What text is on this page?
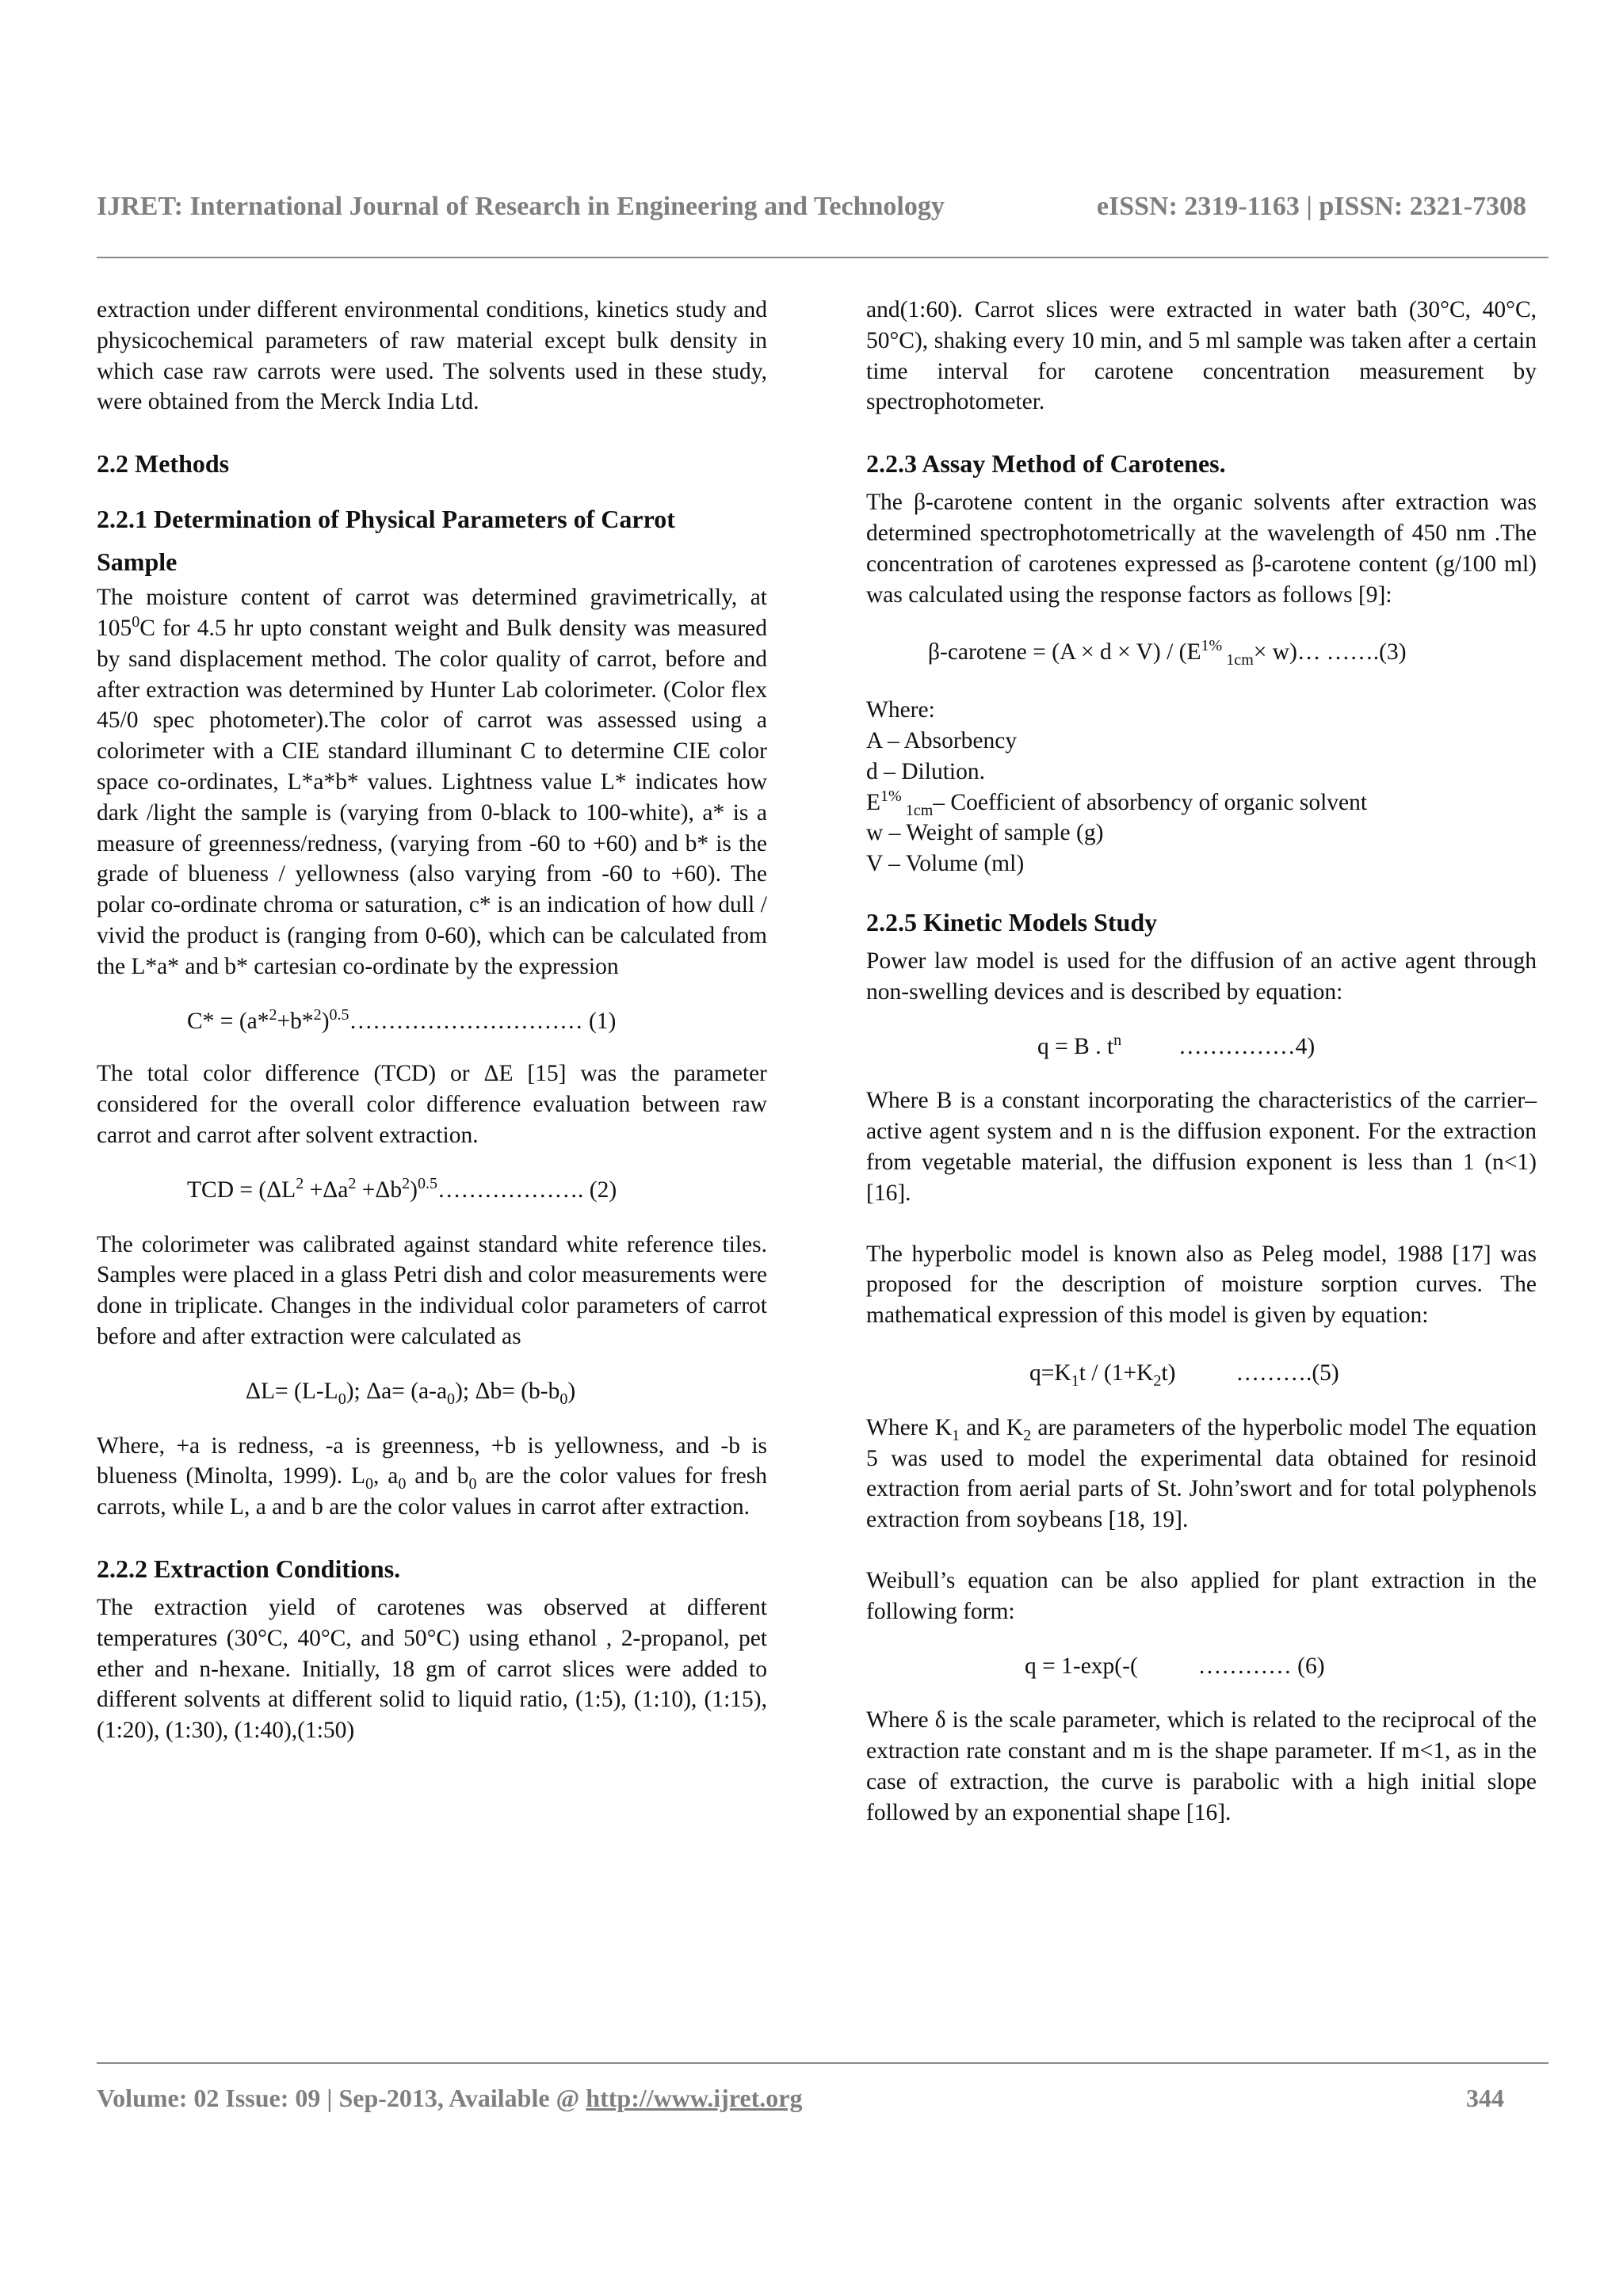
IJRET: International Journal of Research in Engineering and Technology	eISSN: 2319-1163 | pISSN: 2321-7308

extraction under different environmental conditions, kinetics study and physicochemical parameters of raw material except bulk density in which case raw carrots were used. The solvents used in these study, were obtained from the Merck India Ltd.

2.2 Methods
2.2.1 Determination of Physical Parameters of Carrot
Sample

The moisture content of carrot was determined gravimetrically, at $105^0C$ for 4.5 hr upto constant weight and Bulk density was measured by sand displacement method. The color quality of carrot, before and after extraction was determined by Hunter Lab colorimeter. (Color flex 45/0 spec photometer).The color of carrot was assessed using a colorimeter with a CIE standard illuminant C to determine CIE color space co-ordinates, L*a*b* values. Lightness value L* indicates how dark /light the sample is (varying from 0-black to 100-white), a* is a measure of greenness/redness, (varying from -60 to +60) and b* is the grade of blueness / yellowness (also varying from -60 to +60). The polar co-ordinate chroma or saturation, c* is an indication of how dull / vivid the product is (ranging from 0-60), which can be calculated from the L*a* and b* cartesian co-ordinate by the expression

$C* = (a*^2+b*^2)^{0.5}\dots\dots\dots\dots\dots\dots\dots\dots\dots\dots$ (1)

The total color difference (TCD) or ΔE [15] was the parameter considered for the overall color difference evaluation between raw carrot and carrot after solvent extraction.

TCD = ($\Delta L^2 +\Delta a^2$ $+\Delta b^2)^{0.5}\dots\dots\dots\dots\dots\dots$. (2)

The colorimeter was calibrated against standard white reference tiles. Samples were placed in a glass Petri dish and color measurements were done in triplicate. Changes in the individual color parameters of carrot before and after extraction were calculated as

$\Delta L= (L-L_0)$; $\Delta a= (a-a_0)$; $\Delta b= (b-b_0)$

Where, +a is redness, -a is greenness, +b is yellowness, and -b is blueness (Minolta, 1999). $L_0$, $a_0$ and $b_0$ are the color values for fresh carrots, while L, a and b are the color values in carrot after extraction.

2.2.2 Extraction Conditions.

The extraction yield of carotenes was observed at different temperatures (30°C, 40°C, and 50°C) using ethanol , 2-propanol, pet ether and n-hexane. Initially, 18 gm of carrot slices were added to different solvents at different solid to liquid ratio, (1:5), (1:10), (1:15), (1:20), (1:30), (1:40),(1:50)

and(1:60). Carrot slices were extracted in water bath (30°C, 40°C, 50°C), shaking every 10 min, and 5 ml sample was taken after a certain time interval for carotene concentration measurement by spectrophotometer.

2.2.3 Assay Method of Carotenes.

The β-carotene content in the organic solvents after extraction was determined spectrophotometrically at the wavelength of 450 nm .The concentration of carotenes expressed as β-carotene content (g/100 ml) was calculated using the response factors as follows [9]:

β-carotene = $(A \times d \times V) / (E^{1\%}$ $_{1cm}$× w)… …….(3)

Where:
A – Absorbency
d – Dilution.
$E^{1\%}$ $_{1cm}$– Coefficient of absorbency of organic solvent
w – Weight of sample (g)
V – Volume (ml)
2.2.5 Kinetic Models Study

Power law model is used for the diffusion of an active agent through non-swelling devices and is described by equation:

q = B . $t^n$ ……………4)

Where B is a constant incorporating the characteristics of the carrier–active agent system and n is the diffusion exponent. For the extraction from vegetable material, the diffusion exponent is less than 1 (n<1) [16].

The hyperbolic model is known also as Peleg model, 1988 [17] was proposed for the description of moisture sorption curves. The mathematical expression of this model is given by equation:

$q=K_1t / (1+K_2t)$	……….(5)

Where $K_1$ and $K_2$ are parameters of the hyperbolic model The equation 5 was used to model the experimental data obtained for resinoid extraction from aerial parts of St. John’swort and for total polyphenols extraction from soybeans [18, 19].

Weibull’s equation can be also applied for plant extraction in the following form:

q = 1-exp(-(	………… (6)

Where δ is the scale parameter, which is related to the reciprocal of the extraction rate constant and m is the shape parameter. If m<1, as in the case of extraction, the curve is parabolic with a high initial slope followed by an exponential shape [16].

Volume: 02 Issue: 09 | Sep-2013, Available @ http://www.ijret.org	344
